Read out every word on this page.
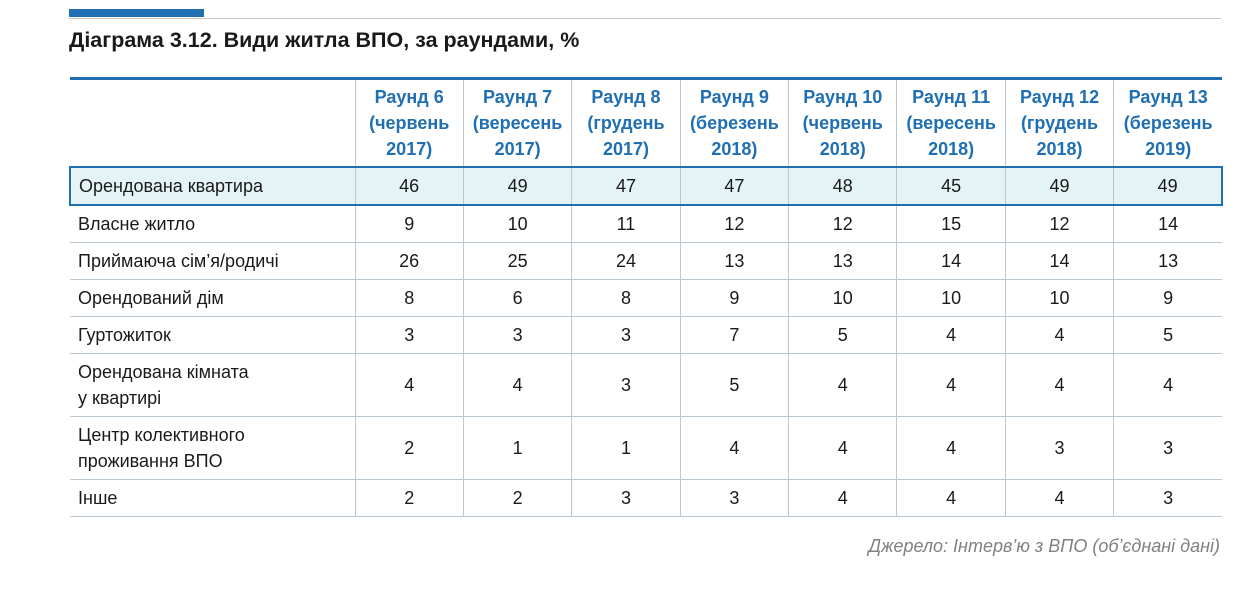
Діаграма 3.12. Види житла ВПО, за раундами, %
	Раунд 6
(червень
2017)	Раунд 7
(вересень
2017)	Раунд 8
(грудень
2017)	Раунд 9
(березень
2018)	Раунд 10
(червень
2018)	Раунд 11
(вересень
2018)	Раунд 12
(грудень
2018)	Раунд 13
(березень
2019)
Орендована квартира	46	49	47	47	48	45	49	49
Власне житло	9	10	11	12	12	15	12	14
Приймаюча сім’я/родичі	26	25	24	13	13	14	14	13
Орендований дім	8	6	8	9	10	10	10	9
Гуртожиток	3	3	3	7	5	4	4	5
Орендована кімната
у квартирі	4	4	3	5	4	4	4	4
Центр колективного
проживання ВПО	2	1	1	4	4	4	3	3
Інше	2	2	3	3	4	4	4	3

Джерело: Інтерв’ю з ВПО (об’єднані дані)
